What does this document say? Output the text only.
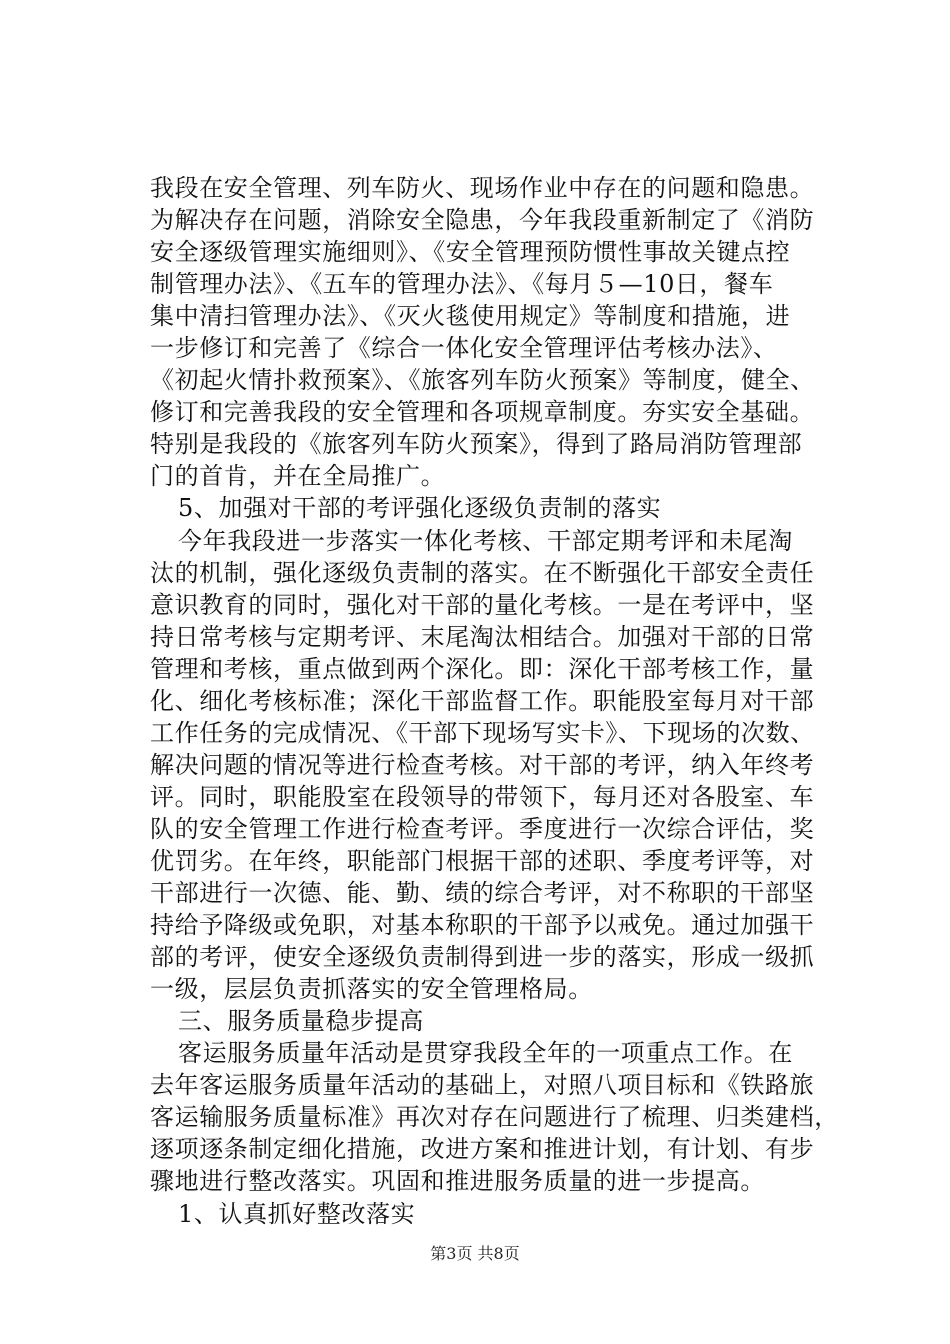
我段在安全管理、列车防火、现场作业中存在的问题和隐患。
为解决存在问题，消除安全隐患，今年我段重新制定了《消防
安全逐级管理实施细则》、《安全管理预防惯性事故关键点控
制管理办法》、《五车的管理办法》、《每月５—10日，餐车
集中清扫管理办法》、《灭火毯使用规定》等制度和措施，进
一步修订和完善了《综合一体化安全管理评估考核办法》、
《初起火情扑救预案》、《旅客列车防火预案》等制度，健全、
修订和完善我段的安全管理和各项规章制度。夯实安全基础。
特别是我段的《旅客列车防火预案》，得到了路局消防管理部
门的首肯，并在全局推广。
5、加强对干部的考评强化逐级负责制的落实
今年我段进一步落实一体化考核、干部定期考评和未尾淘
汰的机制，强化逐级负责制的落实。在不断强化干部安全责任
意识教育的同时，强化对干部的量化考核。一是在考评中，坚
持日常考核与定期考评、末尾淘汰相结合。加强对干部的日常
管理和考核，重点做到两个深化。即：深化干部考核工作，量
化、细化考核标准；深化干部监督工作。职能股室每月对干部
工作任务的完成情况、《干部下现场写实卡》、下现场的次数、
解决问题的情况等进行检查考核。对干部的考评，纳入年终考
评。同时，职能股室在段领导的带领下，每月还对各股室、车
队的安全管理工作进行检查考评。季度进行一次综合评估，奖
优罚劣。在年终，职能部门根据干部的述职、季度考评等，对
干部进行一次德、能、勤、绩的综合考评，对不称职的干部坚
持给予降级或免职，对基本称职的干部予以戒免。通过加强干
部的考评，使安全逐级负责制得到进一步的落实，形成一级抓
一级，层层负责抓落实的安全管理格局。
三、服务质量稳步提高
客运服务质量年活动是贯穿我段全年的一项重点工作。在
去年客运服务质量年活动的基础上，对照八项目标和《铁路旅
客运输服务质量标准》再次对存在问题进行了梳理、归类建档，
逐项逐条制定细化措施，改进方案和推进计划，有计划、有步
骤地进行整改落实。巩固和推进服务质量的进一步提高。
1、认真抓好整改落实
第3页 共8页
